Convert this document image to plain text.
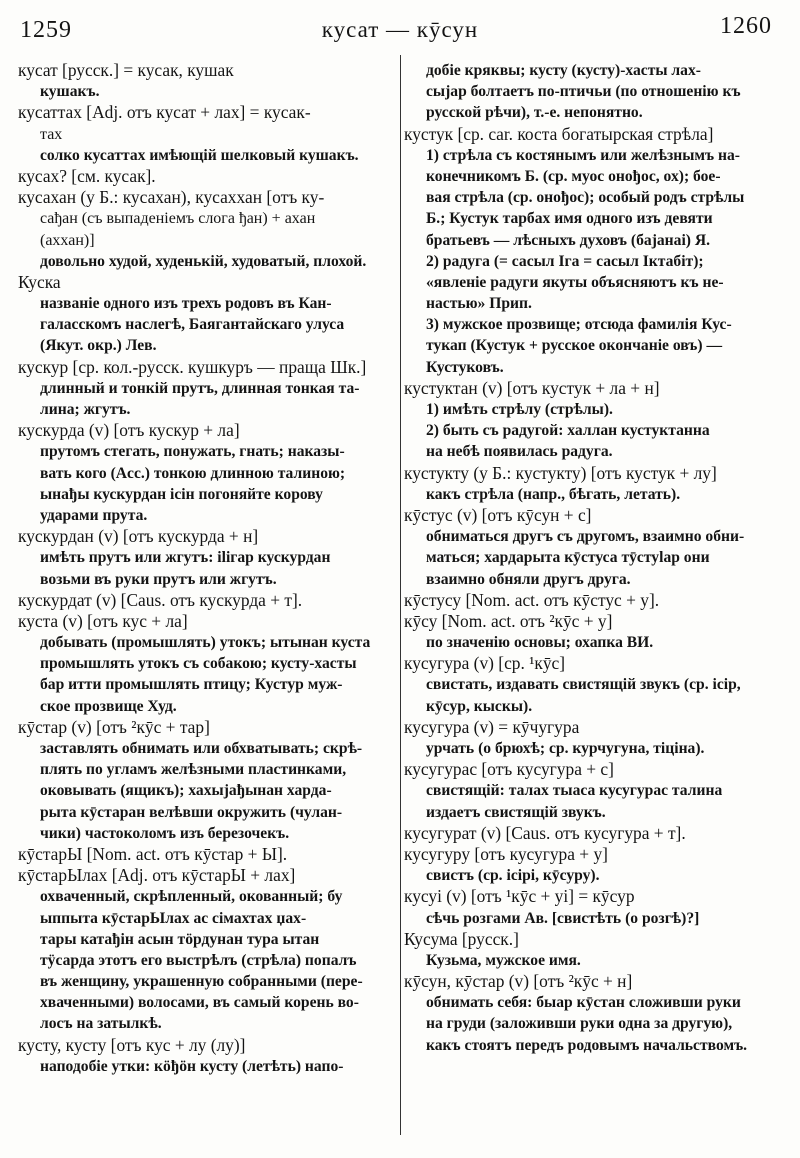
1259	кусат — кӯсун	1260
кусат [русск.] = кусак, кушак
кушакъ.
кусаттах [Adj. отъ кусат + лах] = кусак-
тах
солко кусаттах имѣющій шелковый кушакъ.
кусах? [см. кусак].
кусахан (у Б.: кусахан), кусаххан [отъ ку-
сађан (съ выпаденіемъ слога ђан) + ахан
(аххан)]
довольно худой, худенькій, худоватый, плохой.
Куска
названіе одного изъ трехъ родовъ въ Кан-
галасскомъ наслегѣ, Баягантайскаго улуса
(Якут. окр.) Лев.
кускур [ср. кол.-русск. кушкуръ — праща Шк.]
длинный и тонкій прутъ, длинная тонкая та-
лина; жгутъ.
кускурда (v) [отъ кускур + ла]
прутомъ стегать, понужать, гнать; наказы-
вать кого (Acc.) тонкою длинною талиною;
ынађы кускурдан ісін погоняйте корову
ударами прута.
кускурдан (v) [отъ кускурда + н]
имѣть прутъ или жгутъ: іlігар кускурдан
возьми въ руки прутъ или жгутъ.
кускурдат (v) [Caus. отъ кускурда + т].
куста (v) [отъ кус + ла]
добывать (промышлять) утокъ; ытынан куста
промышлять утокъ съ собакою; кусту-хасты
бар итти промышлять птицу; Кустур муж-
ское прозвище Худ.
кӯстар (v) [отъ ²кӯс + тар]
заставлять обнимать или обхватывать; скрѣ-
плять по угламъ желѣзными пластинками,
оковывать (ящикъ); хахыјађынан харда-
рыта кӯстаран велѣвши окружить (чулан-
чики) частоколомъ изъ березочекъ.
кӯстарЫ [Nom. act. отъ кӯстар + Ы].
кӯстарЫлах [Adj. отъ кӯстарЫ + лах]
охваченный, скрѣпленный, окованный; бу
ыппыта кӯстарЫлах ас сімахтах џах-
тары катађін асын тӧрдунан тура ытан
тӱсарда этотъ его выстрѣлъ (стрѣла) попалъ
въ женщину, украшенную собранными (пере-
хваченными) волосами, въ самый корень во-
лосъ на затылкѣ.
кусту, кусту [отъ кус + лу (лу)]
наподобіе утки: кӧђӧн кусту (летѣть) напо-
добіе кряквы; кусту (кусту)-хасты лах-
сыјар болтаетъ по-птичьи (по отношенію къ
русской рѣчи), т.-е. непонятно.
кустук [ср. car. коста богатырская стрѣла]
1) стрѣла съ костянымъ или желѣзнымъ на-
конечникомъ Б. (ср. муос онођос, ох); бое-
вая стрѣла (ср. онођос); особый родъ стрѣлы
Б.; Кустук тарбах имя одного изъ девяти
братьевъ — лѣсныхъ духовъ (бајанаі) Я.
2) радуга (= сасыл Іга = сасыл Іктабіт);
«явленіе радуги якуты объясняютъ къ не-
настью» Прип.
3) мужское прозвище; отсюда фамилія Кус-
тукап (Кустук + русское окончаніе овъ) —
Кустуковъ.
кустуктан (v) [отъ кустук + ла + н]
1) имѣть стрѣлу (стрѣлы).
2) быть съ радугой: халлан кустуктанна
на небѣ появилась радуга.
кустукту (у Б.: кустукту) [отъ кустук + лу]
какъ стрѣла (напр., бѣгать, летать).
кӯстус (v) [отъ кӯсун + с]
обниматься другъ съ другомъ, взаимно обни-
маться; хардарыта кӯстуса тӯстуlар они
взаимно обняли другъ друга.
кӯстусу [Nom. act. отъ кӯстус + у].
кӯсу [Nom. act. отъ ²кӯс + у]
по значенію основы; охапка ВИ.
кусугура (v) [ср. ¹кӯс]
свистать, издавать свистящій звукъ (ср. ісір,
кӯсур, кыскы).
кусугура (v) = кӯчугура
урчать (о брюхѣ; ср. курчугуна, тіціна).
кусугурас [отъ кусугура + с]
свистящій: талах тыаса кусугурас талина
издаетъ свистящій звукъ.
кусугурат (v) [Caus. отъ кусугура + т].
кусугуру [отъ кусугура + у]
свистъ (ср. ісірі, кӯсуру).
кусуі (v) [отъ ¹кӯс + уі] = кӯсур
сѣчь розгами Ав. [свистѣть (о розгѣ)?]
Кусума [русск.]
Кузьма, мужское имя.
кӯсун, кӯстар (v) [отъ ²кӯс + н]
обнимать себя: быар кӯстан сложивши руки
на груди (заложивши руки одна за другую),
какъ стоятъ передъ родовымъ начальствомъ.
